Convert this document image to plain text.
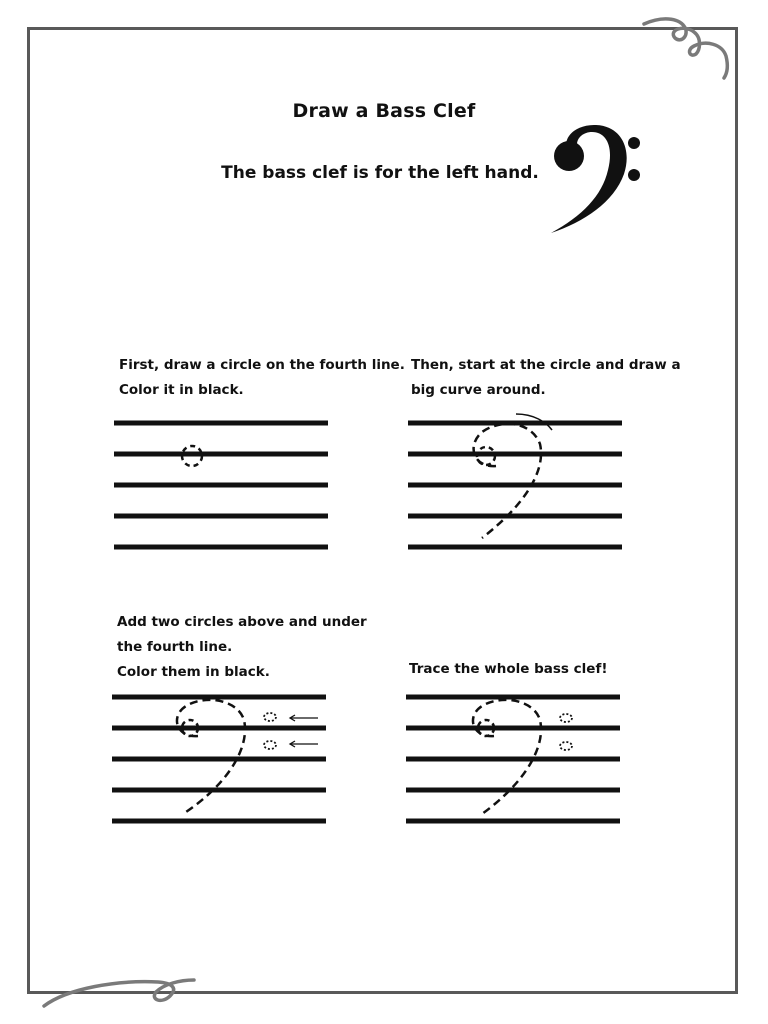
Draw a Bass Clef
The bass clef is for the left hand.
First, draw a circle on the fourth line.
Color it in black.
Then, start at the circle and draw a
big curve around.
Add two circles above and under
the fourth line.
Color them in black.	Trace the whole bass clef!
